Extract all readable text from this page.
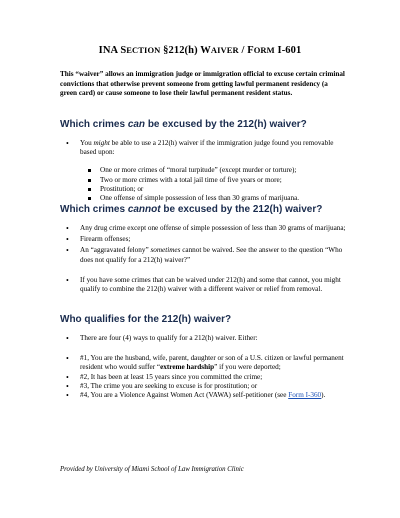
INA SECTION §212(h) WAIVER / FORM I-601
This “waiver” allows an immigration judge or immigration official to excuse certain criminal convictions that otherwise prevent someone from getting lawful permanent residency (a green card) or cause someone to lose their lawful permanent resident status.
Which crimes can be excused by the 212(h) waiver?
• You might be able to use a 212(h) waiver if the immigration judge found you removable based upon:
One or more crimes of “moral turpitude” (except murder or torture);
Two or more crimes with a total jail time of five years or more;
Prostitution; or
One offense of simple possession of less than 30 grams of marijuana.
Which crimes cannot be excused by the 212(h) waiver?
• Any drug crime except one offense of simple possession of less than 30 grams of marijuana;
• Firearm offenses;
• An “aggravated felony” sometimes cannot be waived. See the answer to the question “Who does not qualify for a 212(h) waiver?”
• If you have some crimes that can be waived under 212(h) and some that cannot, you might qualify to combine the 212(h) waiver with a different waiver or relief from removal.
Who qualifies for the 212(h) waiver?
• There are four (4) ways to qualify for a 212(h) waiver. Either:
• #1, You are the husband, wife, parent, daughter or son of a U.S. citizen or lawful permanent resident who would suffer “extreme hardship” if you were deported;
• #2, It has been at least 15 years since you committed the crime;
• #3, The crime you are seeking to excuse is for prostitution; or
• #4, You are a Violence Against Women Act (VAWA) self-petitioner (see Form I-360).
Provided by University of Miami School of Law Immigration Clinic
